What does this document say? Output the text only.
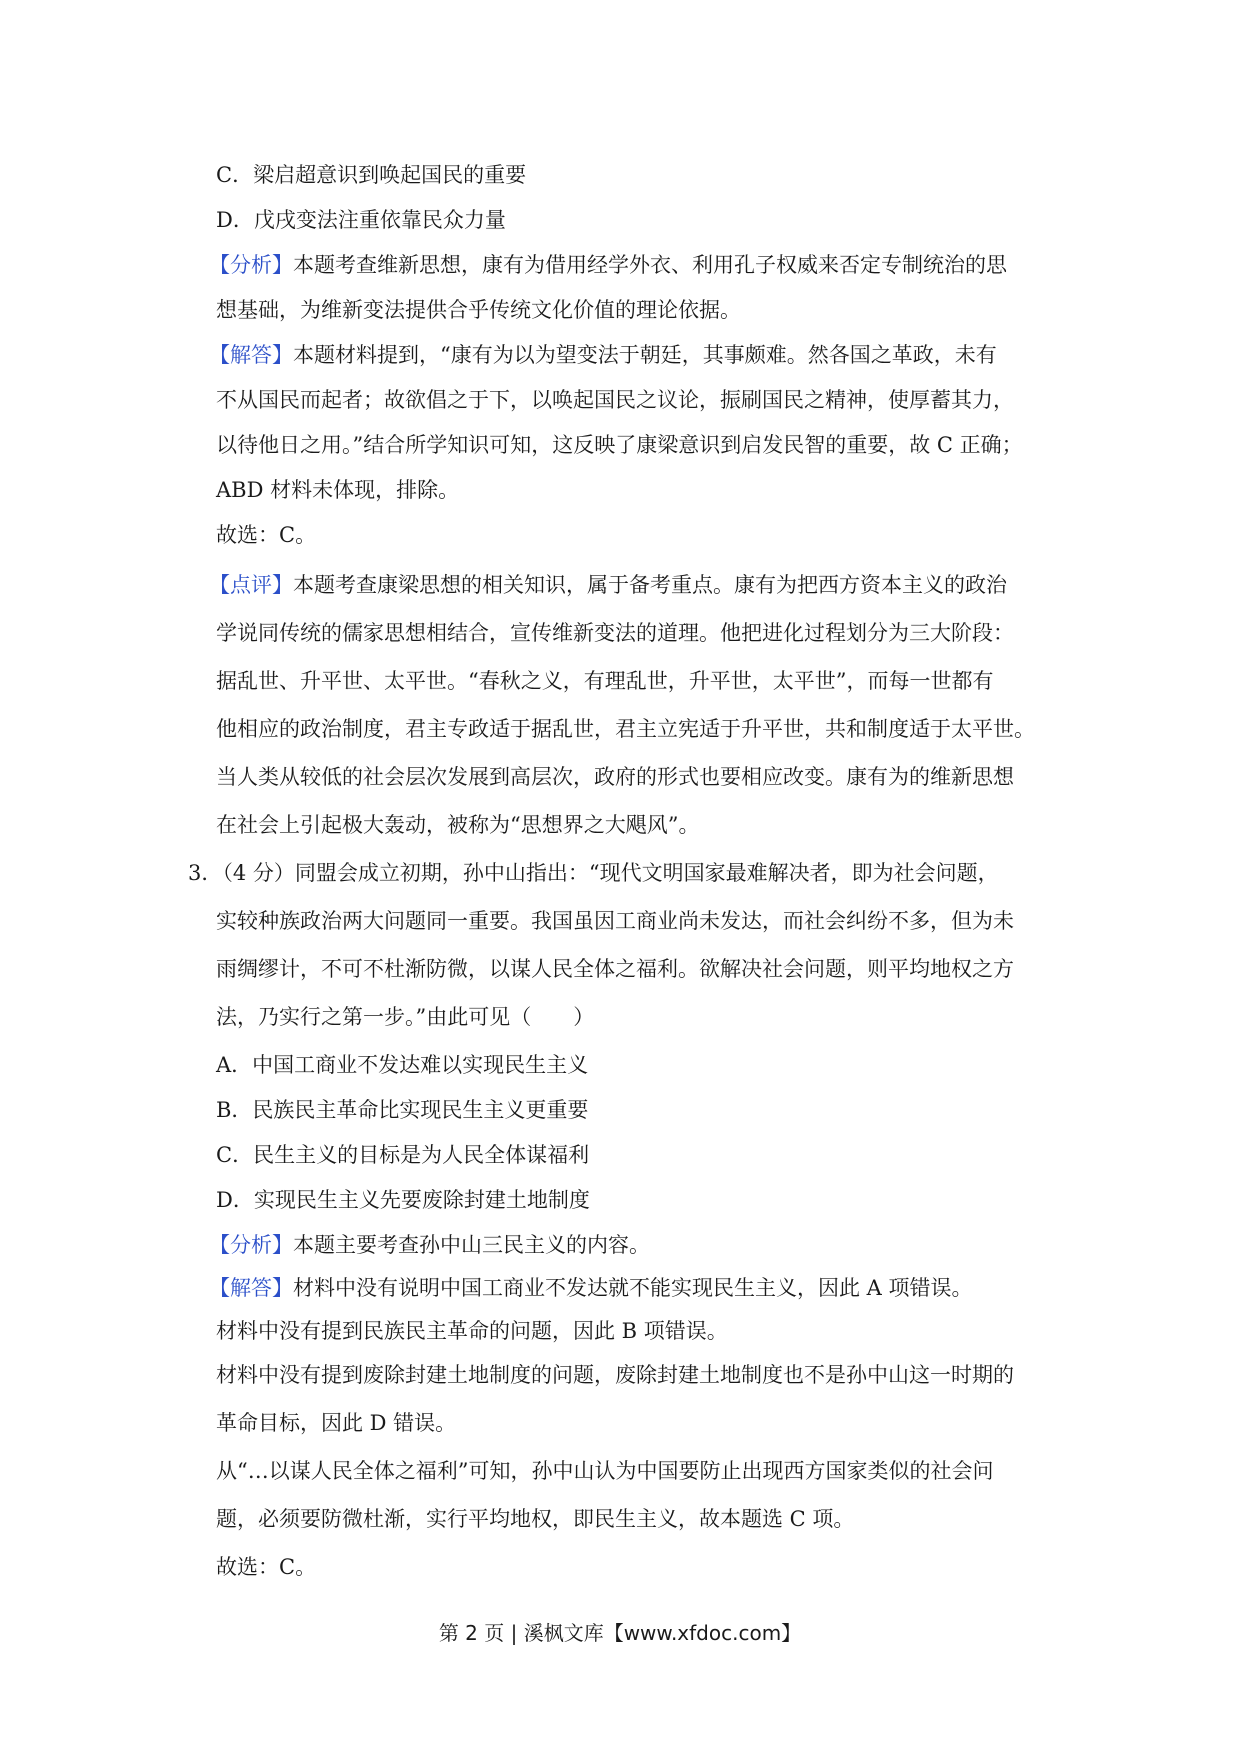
C．梁启超意识到唤起国民的重要
D．戊戌变法注重依靠民众力量
【分析】本题考查维新思想，康有为借用经学外衣、利用孔子权威来否定专制统治的思
想基础，为维新变法提供合乎传统文化价值的理论依据。
【解答】本题材料提到，“康有为以为望变法于朝廷，其事颇难。然各国之革政，未有
不从国民而起者；故欲倡之于下，以唤起国民之议论，振刷国民之精神，使厚蓄其力，
以待他日之用。”结合所学知识可知，这反映了康梁意识到启发民智的重要，故 C 正确；
ABD 材料未体现，排除。
故选：C。
【点评】本题考查康梁思想的相关知识，属于备考重点。康有为把西方资本主义的政治
学说同传统的儒家思想相结合，宣传维新变法的道理。他把进化过程划分为三大阶段：
据乱世、升平世、太平世。“春秋之义，有理乱世，升平世，太平世”，而每一世都有
他相应的政治制度，君主专政适于据乱世，君主立宪适于升平世，共和制度适于太平世。
当人类从较低的社会层次发展到高层次，政府的形式也要相应改变。康有为的维新思想
在社会上引起极大轰动，被称为“思想界之大飓风”。
3．（4 分）同盟会成立初期，孙中山指出：“现代文明国家最难解决者，即为社会问题，
实较种族政治两大问题同一重要。我国虽因工商业尚未发达，而社会纠纷不多，但为未
雨绸缪计，不可不杜渐防微，以谋人民全体之福利。欲解决社会问题，则平均地权之方
法，乃实行之第一步。”由此可见（　　）
A．中国工商业不发达难以实现民生主义
B．民族民主革命比实现民生主义更重要
C．民生主义的目标是为人民全体谋福利
D．实现民生主义先要废除封建土地制度
【分析】本题主要考查孙中山三民主义的内容。
【解答】材料中没有说明中国工商业不发达就不能实现民生主义，因此 A 项错误。
材料中没有提到民族民主革命的问题，因此 B 项错误。
材料中没有提到废除封建土地制度的问题，废除封建土地制度也不是孙中山这一时期的
革命目标，因此 D 错误。
从“…以谋人民全体之福利”可知，孙中山认为中国要防止出现西方国家类似的社会问
题，必须要防微杜渐，实行平均地权，即民生主义，故本题选 C 项。
故选：C。
第 2 页 | 溪枫文库【www.xfdoc.com】
